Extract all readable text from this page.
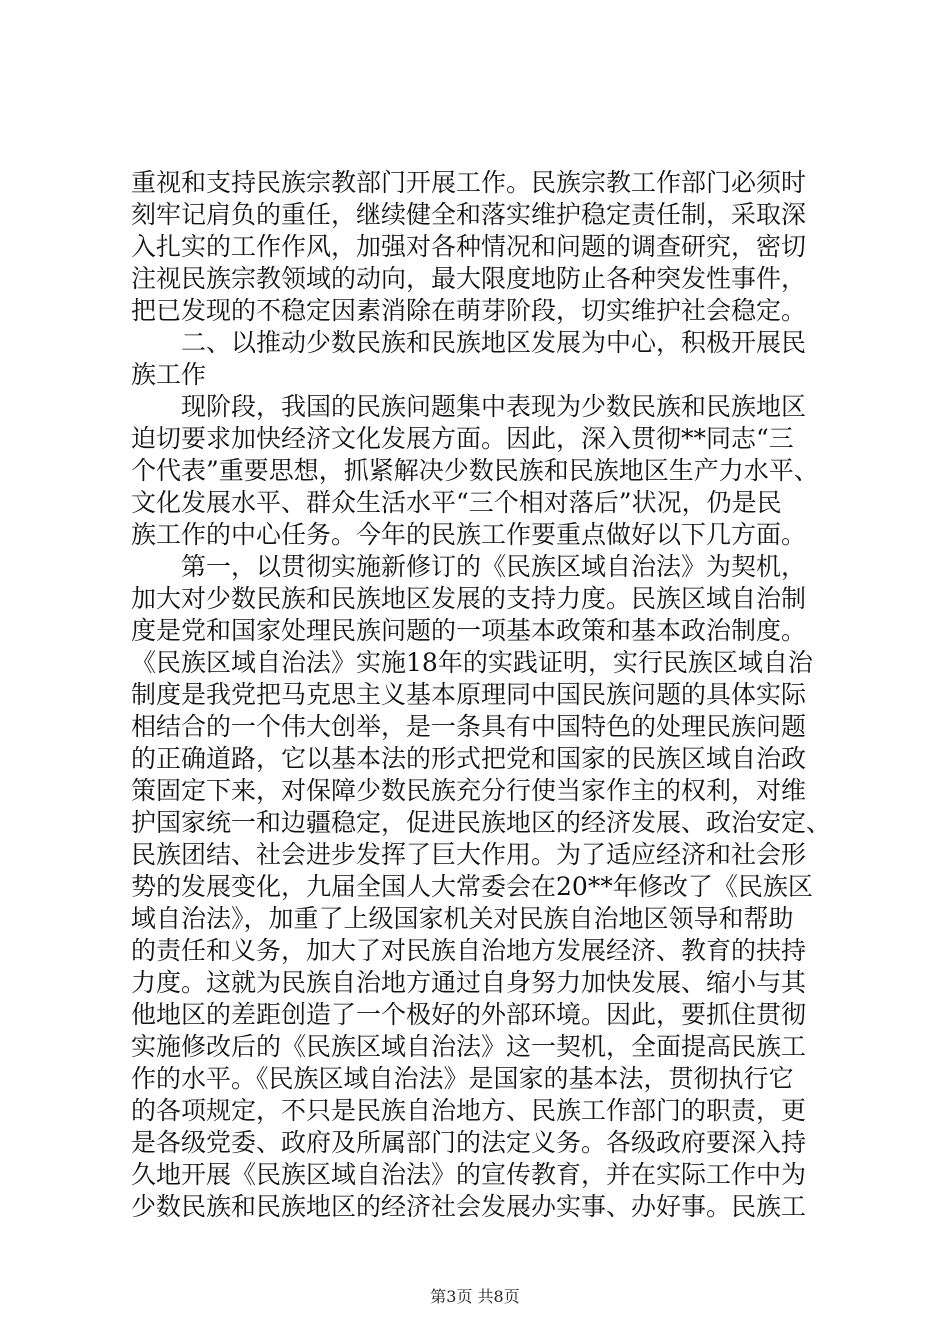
重视和支持民族宗教部门开展工作。民族宗教工作部门必须时
刻牢记肩负的重任，继续健全和落实维护稳定责任制，采取深
入扎实的工作作风，加强对各种情况和问题的调查研究，密切
注视民族宗教领域的动向，最大限度地防止各种突发性事件，
把已发现的不稳定因素消除在萌芽阶段，切实维护社会稳定。
二、以推动少数民族和民族地区发展为中心，积极开展民
族工作
现阶段，我国的民族问题集中表现为少数民族和民族地区
迫切要求加快经济文化发展方面。因此，深入贯彻**同志“三
个代表”重要思想，抓紧解决少数民族和民族地区生产力水平、
文化发展水平、群众生活水平“三个相对落后”状况，仍是民
族工作的中心任务。今年的民族工作要重点做好以下几方面。
第一，以贯彻实施新修订的《民族区域自治法》为契机，
加大对少数民族和民族地区发展的支持力度。民族区域自治制
度是党和国家处理民族问题的一项基本政策和基本政治制度。
《民族区域自治法》实施18年的实践证明，实行民族区域自治
制度是我党把马克思主义基本原理同中国民族问题的具体实际
相结合的一个伟大创举，是一条具有中国特色的处理民族问题
的正确道路，它以基本法的形式把党和国家的民族区域自治政
策固定下来，对保障少数民族充分行使当家作主的权利，对维
护国家统一和边疆稳定，促进民族地区的经济发展、政治安定、
民族团结、社会进步发挥了巨大作用。为了适应经济和社会形
势的发展变化，九届全国人大常委会在20**年修改了《民族区
域自治法》，加重了上级国家机关对民族自治地区领导和帮助
的责任和义务，加大了对民族自治地方发展经济、教育的扶持
力度。这就为民族自治地方通过自身努力加快发展、缩小与其
他地区的差距创造了一个极好的外部环境。因此，要抓住贯彻
实施修改后的《民族区域自治法》这一契机，全面提高民族工
作的水平。《民族区域自治法》是国家的基本法，贯彻执行它
的各项规定，不只是民族自治地方、民族工作部门的职责，更
是各级党委、政府及所属部门的法定义务。各级政府要深入持
久地开展《民族区域自治法》的宣传教育，并在实际工作中为
少数民族和民族地区的经济社会发展办实事、办好事。民族工
第3页 共8页
